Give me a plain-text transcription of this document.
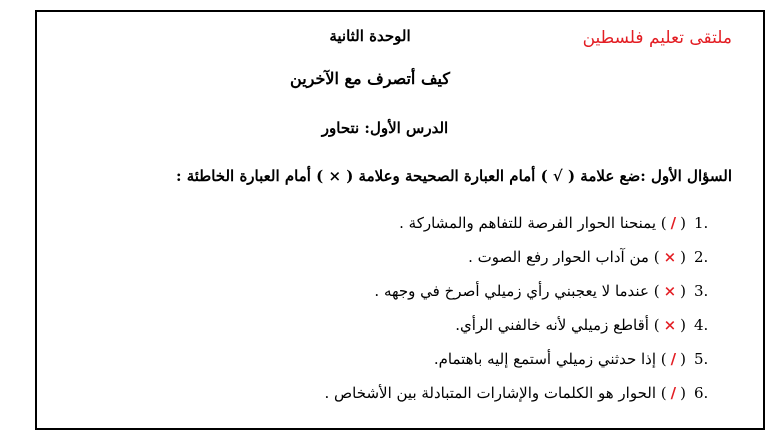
ملتقى تعليم فلسطين
الوحدة الثانية
كيف أتصرف مع الآخرين
الدرس الأول: نتحاور
السؤال الأول :ضع علامة ( √ ) أمام العبارة الصحيحة وعلامة ( × ) أمام العبارة الخاطئة :
(/) يمنحنا الحوار الفرصة للتفاهم والمشاركة .	1.
(×) من آداب الحوار رفع الصوت .	2.
(×) عندما لا يعجبني رأي زميلي أصرخ في وجهه .	3.
(×) أقاطع زميلي لأنه خالفني الرأي.	4.
(/) إذا حدثني زميلي أستمع إليه باهتمام.	5.
(/) الحوار هو الكلمات والإشارات المتبادلة بين الأشخاص .	6.
